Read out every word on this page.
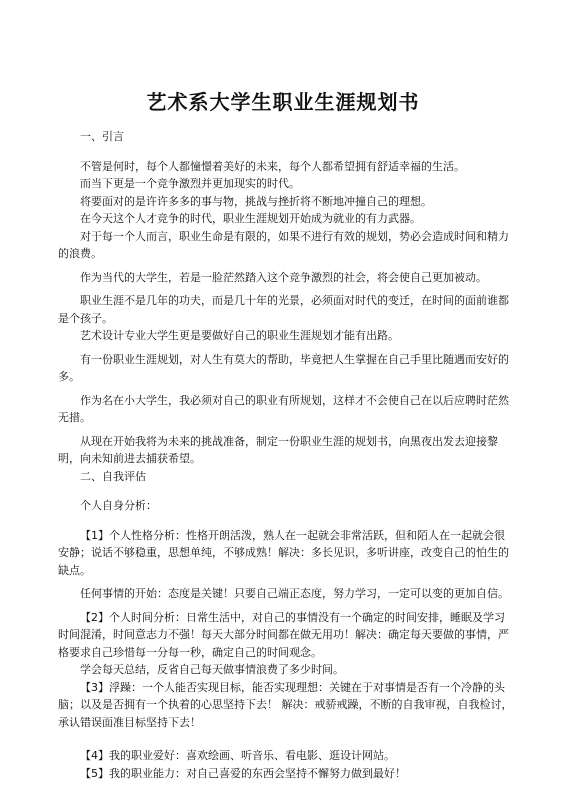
艺术系大学生职业生涯规划书

一、引言

不管是何时，每个人都憧憬着美好的未来，每个人都希望拥有舒适幸福的生活。

而当下更是一个竞争激烈并更加现实的时代。

将要面对的是许许多多的事与物，挑战与挫折将不断地冲撞自己的理想。

在今天这个人才竞争的时代，职业生涯规划开始成为就业的有力武器。

对于每一个人而言，职业生命是有限的，如果不进行有效的规划，势必会造成时间和精力的浪费。

作为当代的大学生，若是一脸茫然踏入这个竞争激烈的社会，将会使自己更加被动。

职业生涯不是几年的功夫，而是几十年的光景，必须面对时代的变迁，在时间的面前谁都是个孩子。

艺术设计专业大学生更是要做好自己的职业生涯规划才能有出路。

有一份职业生涯规划，对人生有莫大的帮助，毕竟把人生掌握在自己手里比随遇而安好的多。

作为名在小大学生，我必须对自己的职业有所规划，这样才不会使自己在以后应聘时茫然无措。

从现在开始我将为未来的挑战准备，制定一份职业生涯的规划书，向黑夜出发去迎接黎明，向未知前进去捕获希望。

二、自我评估

个人自身分析：

【1】个人性格分析：性格开朗活泼，熟人在一起就会非常活跃，但和陌人在一起就会很安静；说话不够稳重，思想单纯，不够成熟！解决：多长见识，多听讲座，改变自己的怕生的缺点。

任何事情的开始：态度是关键！只要自己端正态度，努力学习，一定可以变的更加自信。

【2】个人时间分析：日常生活中，对自己的事情没有一个确定的时间安排，睡眠及学习时间混淆，时间意志力不强！每天大部分时间都在做无用功！解决：确定每天要做的事情，严格要求自己珍惜每一分每一秒，确定自己的时间观念。

学会每天总结，反省自己每天做事情浪费了多少时间。

【3】浮躁：一个人能否实现目标，能否实现理想：关键在于对事情是否有一个冷静的头脑；以及是否拥有一个执着的心思坚持下去！ 解决：戒骄戒躁，不断的自我审视，自我检讨，承认错误面准目标坚持下去！

【4】我的职业爱好：喜欢绘画、听音乐、看电影、逛设计网站。

【5】我的职业能力：对自己喜爱的东西会坚持不懈努力做到最好！
